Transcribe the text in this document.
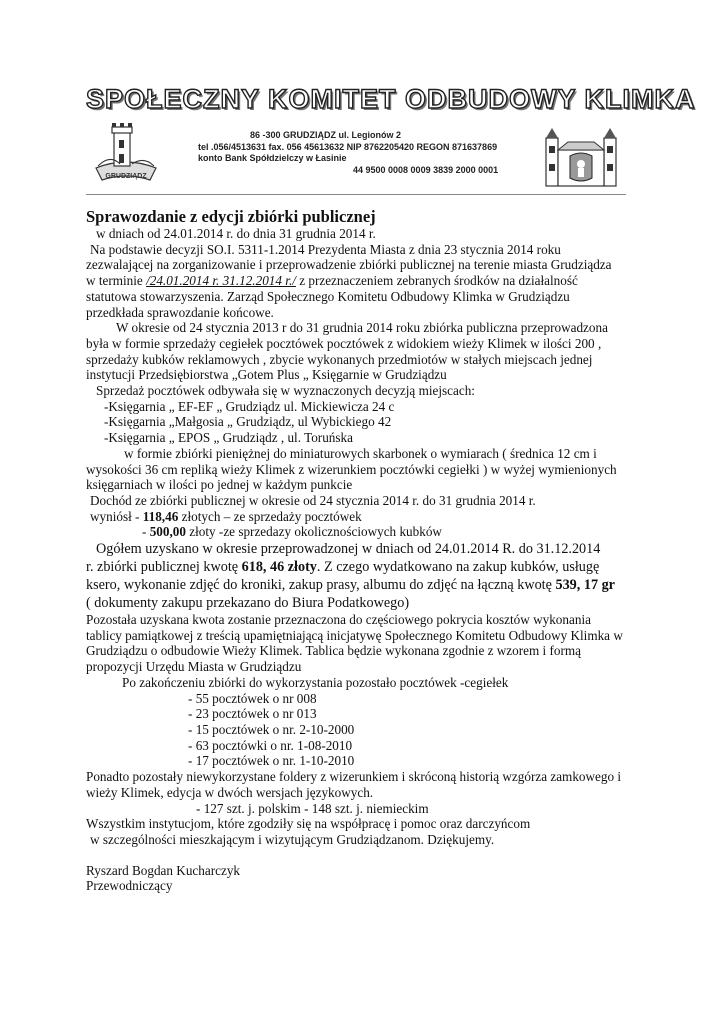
SPOŁECZNY KOMITET ODBUDOWY KLIMKA
GRUDZIĄDZ
86 -300 GRUDZIĄDZ ul. Legionów 2
tel .056/4513631 fax. 056 45613632 NIP 8762205420 REGON 871637869
konto Bank Spółdzielczy w Łasinie
44 9500 0008 0009 3839 2000 0001
Sprawozdanie z edycji zbiórki publicznej
w dniach od 24.01.2014 r. do dnia 31 grudnia 2014 r.
Na podstawie decyzji SO.I. 5311-1.2014 Prezydenta Miasta z dnia 23 stycznia 2014 roku
zezwalającej na zorganizowanie i przeprowadzenie zbiórki publicznej na terenie miasta Grudziądza
w terminie /24.01.2014 r. 31.12.2014 r./ z przeznaczeniem zebranych środków na działalność
statutowa stowarzyszenia. Zarząd Społecznego Komitetu Odbudowy Klimka w Grudziądzu
przedkłada sprawozdanie końcowe.
W okresie od 24 stycznia 2013 r do 31 grudnia 2014 roku zbiórka publiczna przeprowadzona
była w formie sprzedaży cegiełek pocztówek pocztówek z widokiem wieży Klimek w ilości 200 ,
sprzedaży kubków reklamowych , zbycie wykonanych przedmiotów w stałych miejscach jednej
instytucji Przedsiębiorstwa „Gotem Plus „ Księgarnie w Grudziądzu
Sprzedaż pocztówek odbywała się w wyznaczonych decyzją miejscach:
-Księgarnia „ EF-EF „ Grudziądz ul. Mickiewicza 24 c
-Księgarnia „Małgosia „ Grudziądz, ul Wybickiego 42
-Księgarnia „ EPOS „ Grudziądz , ul. Toruńska
w formie zbiórki pieniężnej do miniaturowych skarbonek o wymiarach ( średnica 12 cm i
wysokości 36 cm repliką wieży Klimek z wizerunkiem pocztówki cegiełki ) w wyżej wymienionych
księgarniach w ilości po jednej w każdym punkcie
Dochód ze zbiórki publicznej w okresie od 24 stycznia 2014 r. do 31 grudnia 2014 r.
wyniósł - 118,46 złotych – ze sprzedaży pocztówek
- 500,00 złoty -ze sprzedazy okolicznościowych kubków
Ogółem uzyskano w okresie przeprowadzonej w dniach od 24.01.2014 R. do 31.12.2014
r. zbiórki publicznej kwotę 618, 46 złoty. Z czego wydatkowano na zakup kubków, usługę
ksero, wykonanie zdjęć do kroniki, zakup prasy, albumu do zdjęć na łączną kwotę 539, 17 gr
( dokumenty zakupu przekazano do Biura Podatkowego)
Pozostała uzyskana kwota zostanie przeznaczona do częściowego pokrycia kosztów wykonania
tablicy pamiątkowej z treścią upamiętniającą inicjatywę Społecznego Komitetu Odbudowy Klimka w
Grudziądzu o odbudowie Wieży Klimek. Tablica będzie wykonana zgodnie z wzorem i formą
propozycji Urzędu Miasta w Grudziądzu
Po zakończeniu zbiórki do wykorzystania pozostało pocztówek -cegiełek
- 55 pocztówek o nr 008
- 23 pocztówek o nr 013
- 15 pocztówek o nr. 2-10-2000
- 63 pocztówki o nr. 1-08-2010
- 17 pocztówek o nr. 1-10-2010
Ponadto pozostały niewykorzystane foldery z wizerunkiem i skróconą historią wzgórza zamkowego i
wieży Klimek, edycja w dwóch wersjach językowych.
- 127 szt. j. polskim - 148 szt. j. niemieckim
Wszystkim instytucjom, które zgodziły się na współpracę i pomoc oraz darczyńcom
w szczególności mieszkającym i wizytującym Grudziądzanom. Dziękujemy.
Ryszard Bogdan Kucharczyk
Przewodniczący
